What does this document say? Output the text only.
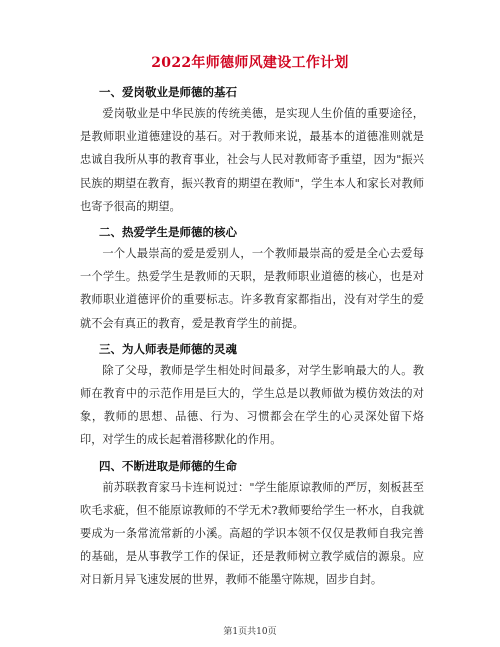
2022年师德师风建设工作计划

一、爱岗敬业是师德的基石

爱岗敬业是中华民族的传统美德，是实现人生价值的重要途径，是教师职业道德建设的基石。对于教师来说，最基本的道德准则就是忠诚自我所从事的教育事业，社会与人民对教师寄予重望，因为"振兴民族的期望在教育，振兴教育的期望在教师"，学生本人和家长对教师也寄予很高的期望。

二、热爱学生是师德的核心

一个人最崇高的爱是爱别人，一个教师最崇高的爱是全心去爱每一个学生。热爱学生是教师的天职，是教师职业道德的核心，也是对教师职业道德评价的重要标志。许多教育家都指出，没有对学生的爱就不会有真正的教育，爱是教育学生的前提。

三、为人师表是师德的灵魂

除了父母，教师是学生相处时间最多，对学生影响最大的人。教师在教育中的示范作用是巨大的，学生总是以教师做为模仿效法的对象，教师的思想、品德、行为、习惯都会在学生的心灵深处留下烙印，对学生的成长起着潜移默化的作用。

四、不断进取是师德的生命

前苏联教育家马卡连柯说过："学生能原谅教师的严厉，刻板甚至吹毛求疵，但不能原谅教师的不学无术?教师要给学生一杯水，自我就要成为一条常流常新的小溪。高超的学识本领不仅仅是教师自我完善的基础，是从事教学工作的保证，还是教师树立教学威信的源泉。应对日新月异飞速发展的世界，教师不能墨守陈规，固步自封。

第1页共10页
